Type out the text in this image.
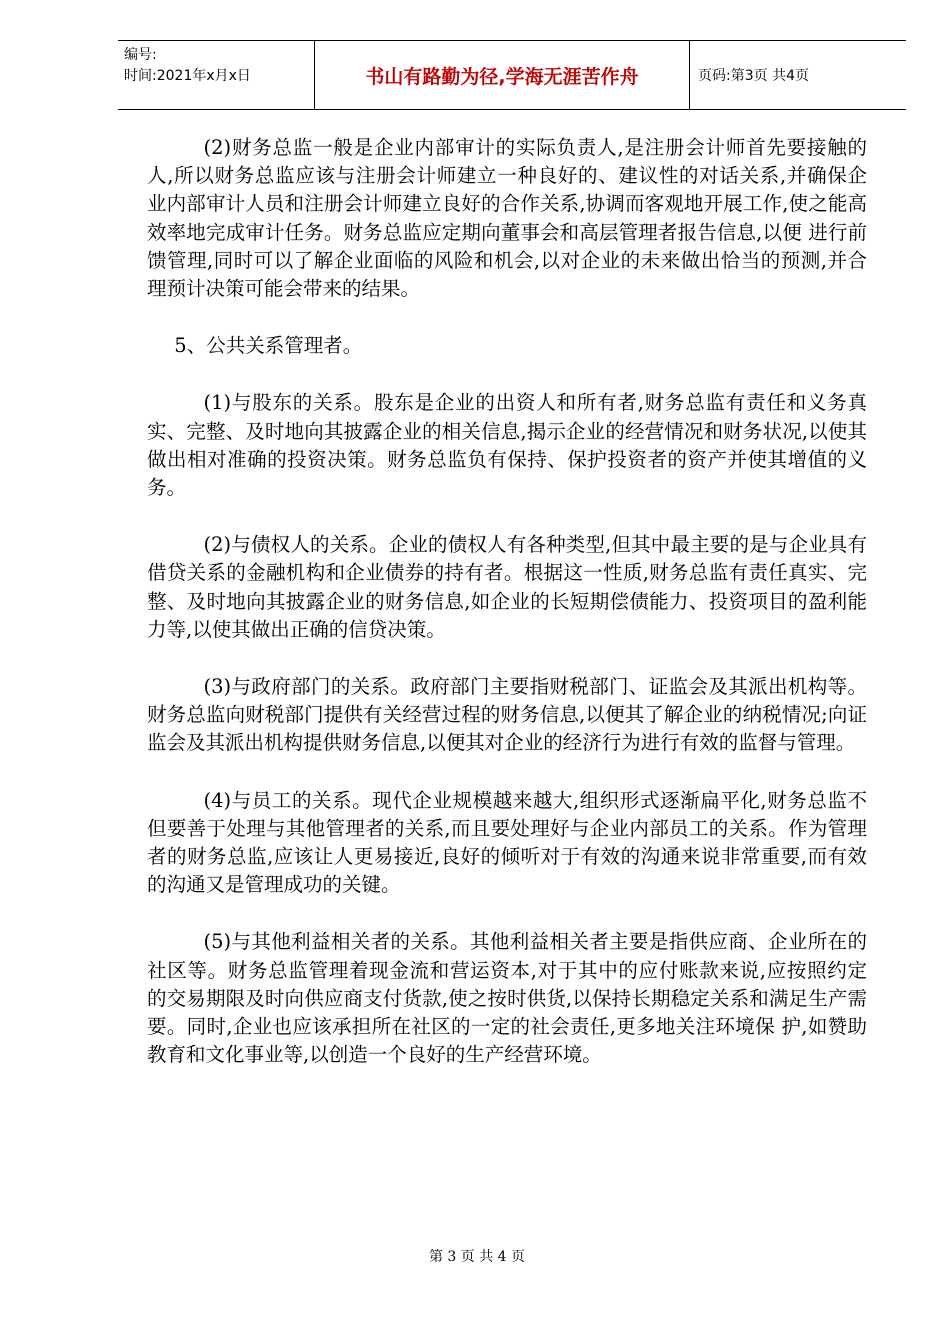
编号:
时间:2021年x月x日	书山有路勤为径,学海无涯苦作舟	页码:第3页 共4页

(2)财务总监一般是企业内部审计的实际负责人,是注册会计师首先要接触的人,所以财务总监应该与注册会计师建立一种良好的、建议性的对话关系,并确保企 业内部审计人员和注册会计师建立良好的合作关系,协调而客观地开展工作,使之能高效率地完成审计任务。财务总监应定期向董事会和高层管理者报告信息,以便 进行前馈管理,同时可以了解企业面临的风险和机会,以对企业的未来做出恰当的预测,并合理预计决策可能会带来的结果。

5、公共关系管理者。

(1)与股东的关系。股东是企业的出资人和所有者,财务总监有责任和义务真实、完整、及时地向其披露企业的相关信息,揭示企业的经营情况和财务状况,以使其做出相对准确的投资决策。财务总监负有保持、保护投资者的资产并使其增值的义务。

(2)与债权人的关系。企业的债权人有各种类型,但其中最主要的是与企业具有借贷关系的金融机构和企业债券的持有者。根据这一性质,财务总监有责任真实、完整、及时地向其披露企业的财务信息,如企业的长短期偿债能力、投资项目的盈利能力等,以使其做出正确的信贷决策。

(3)与政府部门的关系。政府部门主要指财税部门、证监会及其派出机构等。财务总监向财税部门提供有关经营过程的财务信息,以便其了解企业的纳税情况;向证监会及其派出机构提供财务信息,以便其对企业的经济行为进行有效的监督与管理。

(4)与员工的关系。现代企业规模越来越大,组织形式逐渐扁平化,财务总监不但要善于处理与其他管理者的关系,而且要处理好与企业内部员工的关系。作为管理者的财务总监,应该让人更易接近,良好的倾听对于有效的沟通来说非常重要,而有效的沟通又是管理成功的关键。

(5)与其他利益相关者的关系。其他利益相关者主要是指供应商、企业所在的社区等。财务总监管理着现金流和营运资本,对于其中的应付账款来说,应按照约定 的交易期限及时向供应商支付货款,使之按时供货,以保持长期稳定关系和满足生产需要。同时,企业也应该承担所在社区的一定的社会责任,更多地关注环境保 护,如赞助教育和文化事业等,以创造一个良好的生产经营环境。

第 3 页 共 4 页
